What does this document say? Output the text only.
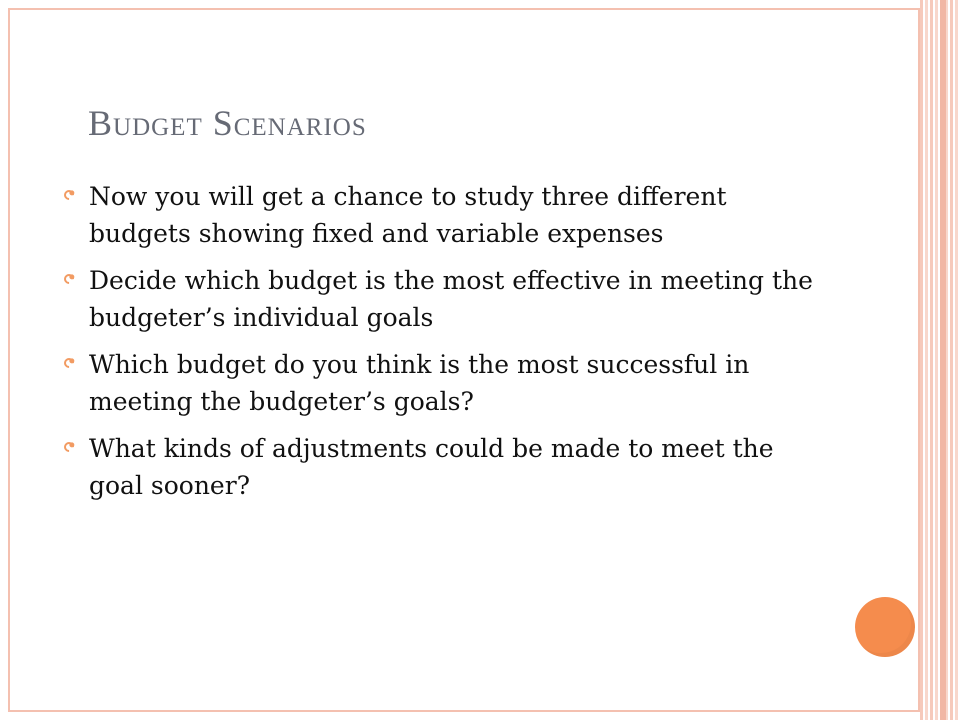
Budget Scenarios
Now you will get a chance to study three different budgets showing fixed and variable expenses
Decide which budget is the most effective in meeting the budgeter’s individual goals
Which budget do you think is the most successful in meeting the budgeter’s goals?
What kinds of adjustments could be made to meet the goal sooner?
